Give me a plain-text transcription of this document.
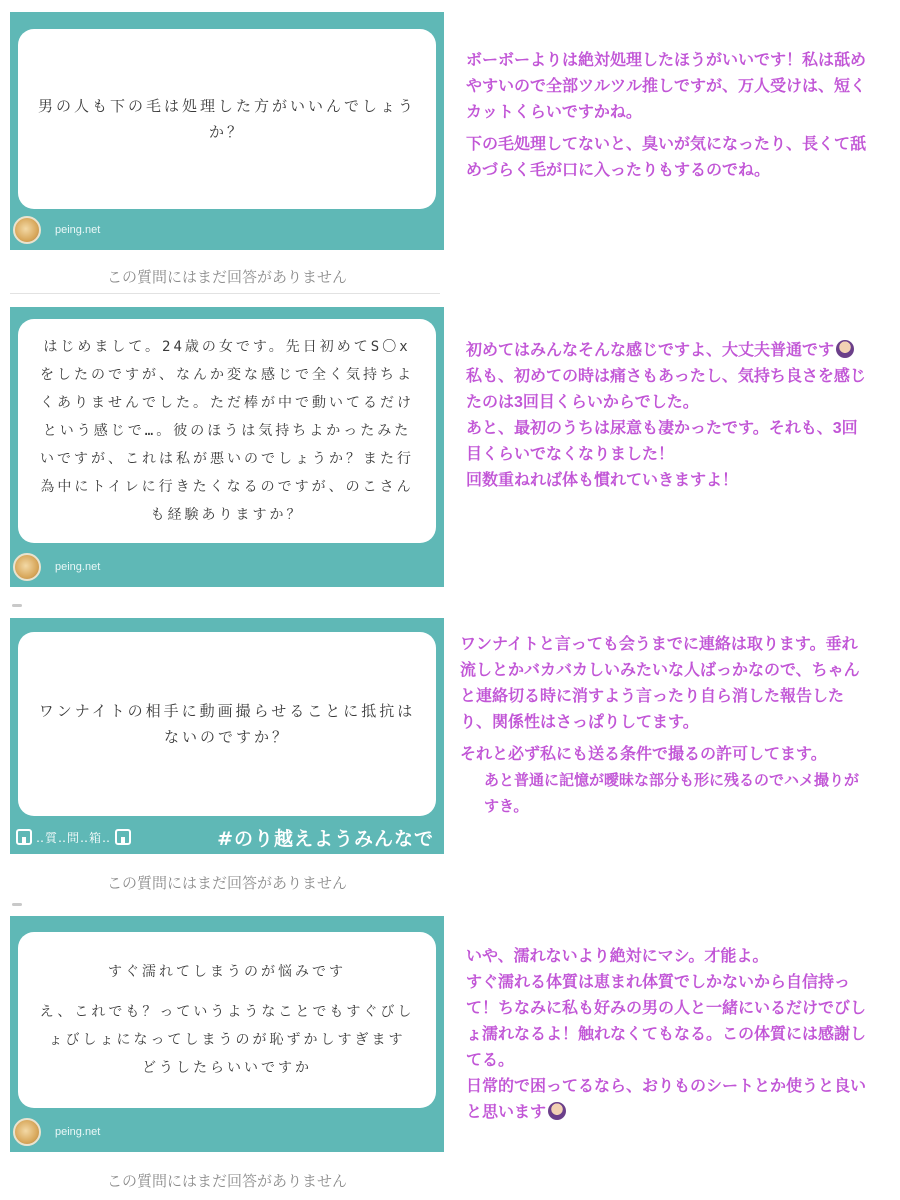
男の人も下の毛は処理した方がいいんでしょうか？
peing.net
この質問にはまだ回答がありません

ボーボーよりは絶対処理したほうがいいです！私は舐めやすいので全部ツルツル推しですが、万人受けは、短くカットくらいですかね。

下の毛処理してないと、臭いが気になったり、長くて舐めづらく毛が口に入ったりもするのでね。

はじめまして。24歳の女です。先日初めてS〇xをしたのですが、なんか変な感じで全く気持ちよくありませんでした。ただ棒が中で動いてるだけという感じで…。彼のほうは気持ちよかったみたいですが、これは私が悪いのでしょうか？また行為中にトイレに行きたくなるのですが、のこさんも経験ありますか？
peing.net

初めてはみんなそんな感じですよ、大丈夫普通です

私も、初めての時は痛さもあったし、気持ち良さを感じたのは3回目くらいからでした。

あと、最初のうちは尿意も凄かったです。それも、3回目くらいでなくなりました！

回数重ねれば体も慣れていきますよ！

ワンナイトの相手に動画撮らせることに抵抗はないのですか？
‥質‥問‥箱‥	#のり越えようみんなで
この質問にはまだ回答がありません

ワンナイトと言っても会うまでに連絡は取ります。垂れ流しとかバカバカしいみたいな人ばっかなので、ちゃんと連絡切る時に消すよう言ったり自ら消した報告したり、関係性はさっぱりしてます。

それと必ず私にも送る条件で撮るの許可してます。

あと普通に記憶が曖昧な部分も形に残るのでハメ撮りがすき。

すぐ濡れてしまうのが悩みです
え、これでも？っていうようなことでもすぐびしょびしょになってしまうのが恥ずかしすぎます　どうしたらいいですか
peing.net
この質問にはまだ回答がありません

いや、濡れないより絶対にマシ。才能よ。

すぐ濡れる体質は恵まれ体質でしかないから自信持って！ちなみに私も好みの男の人と一緒にいるだけでびしょ濡れなるよ！触れなくてもなる。この体質には感謝してる。

日常的で困ってるなら、おりものシートとか使うと良いと思います
